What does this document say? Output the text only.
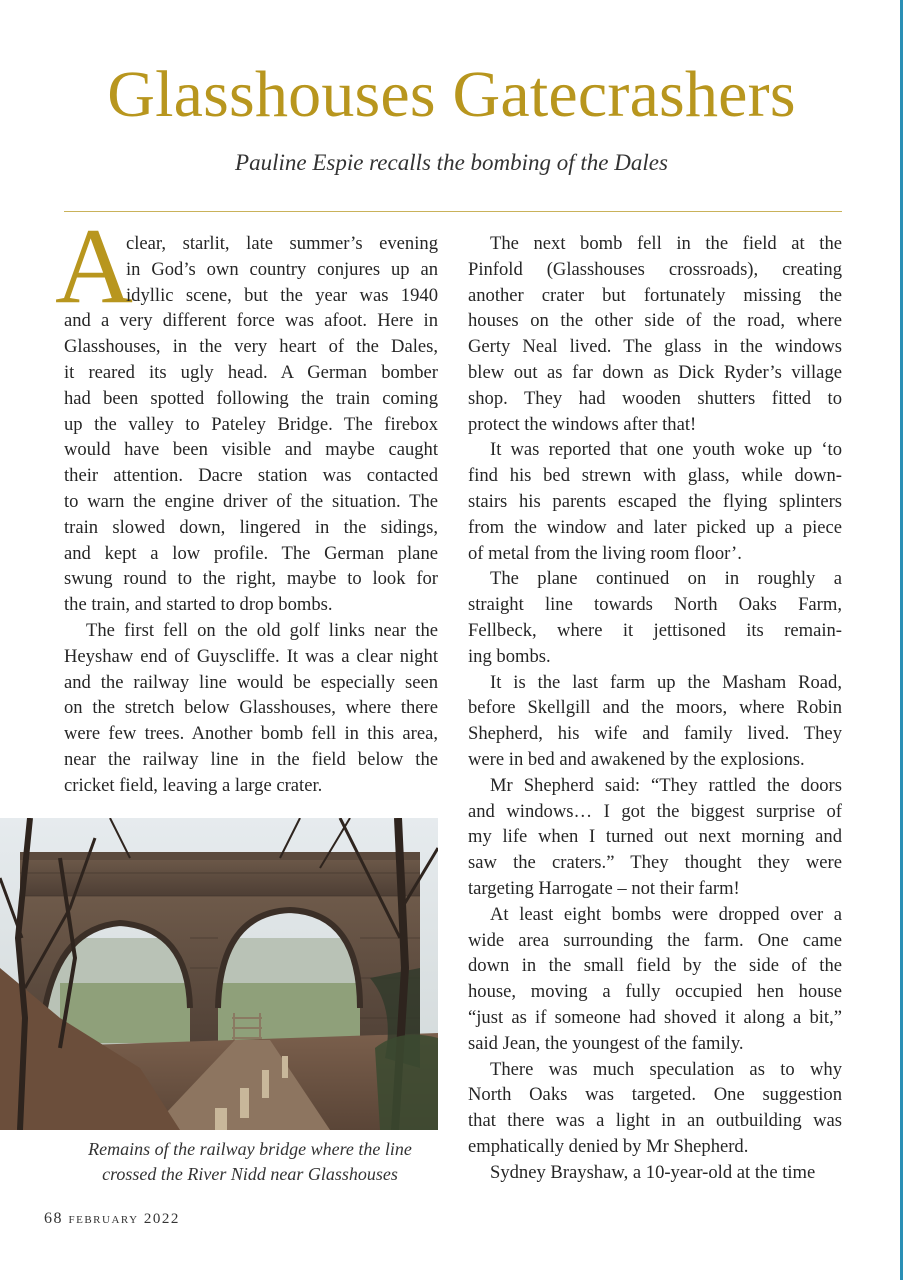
Glasshouses Gatecrashers
Pauline Espie recalls the bombing of the Dales
A
clear, starlit, late summer’s evening
in God’s own country conjures up an
idyllic scene, but the year was 1940
and a very different force was afoot. Here in
Glasshouses, in the very heart of the Dales,
it reared its ugly head. A German bomber
had been spotted following the train coming
up the valley to Pateley Bridge. The firebox
would have been visible and maybe caught
their attention. Dacre station was contacted
to warn the engine driver of the situation. The
train slowed down, lingered in the sidings,
and kept a low profile. The German plane
swung round to the right, maybe to look for
the train, and started to drop bombs.
The first fell on the old golf links near the
Heyshaw end of Guyscliffe. It was a clear night
and the railway line would be especially seen
on the stretch below Glasshouses, where there
were few trees. Another bomb fell in this area,
near the railway line in the field below the
cricket field, leaving a large crater.
Remains of the railway bridge where the line
crossed the River Nidd near Glasshouses
The next bomb fell in the field at the
Pinfold (Glasshouses crossroads), creating
another crater but fortunately missing the
houses on the other side of the road, where
Gerty Neal lived. The glass in the windows
blew out as far down as Dick Ryder’s village
shop. They had wooden shutters fitted to
protect the windows after that!
It was reported that one youth woke up ‘to
find his bed strewn with glass, while down-
stairs his parents escaped the flying splinters
from the window and later picked up a piece
of metal from the living room floor’.
The plane continued on in roughly a
straight line towards North Oaks Farm,
Fellbeck, where it jettisoned its remain-
ing bombs.
It is the last farm up the Masham Road,
before Skellgill and the moors, where Robin
Shepherd, his wife and family lived. They
were in bed and awakened by the explosions.
Mr Shepherd said: “They rattled the doors
and windows… I got the biggest surprise of
my life when I turned out next morning and
saw the craters.” They thought they were
targeting Harrogate – not their farm!
At least eight bombs were dropped over a
wide area surrounding the farm. One came
down in the small field by the side of the
house, moving a fully occupied hen house
“just as if someone had shoved it along a bit,”
said Jean, the youngest of the family.
There was much speculation as to why
North Oaks was targeted. One suggestion
that there was a light in an outbuilding was
emphatically denied by Mr Shepherd.
Sydney Brayshaw, a 10-year-old at the time
68 february 2022
